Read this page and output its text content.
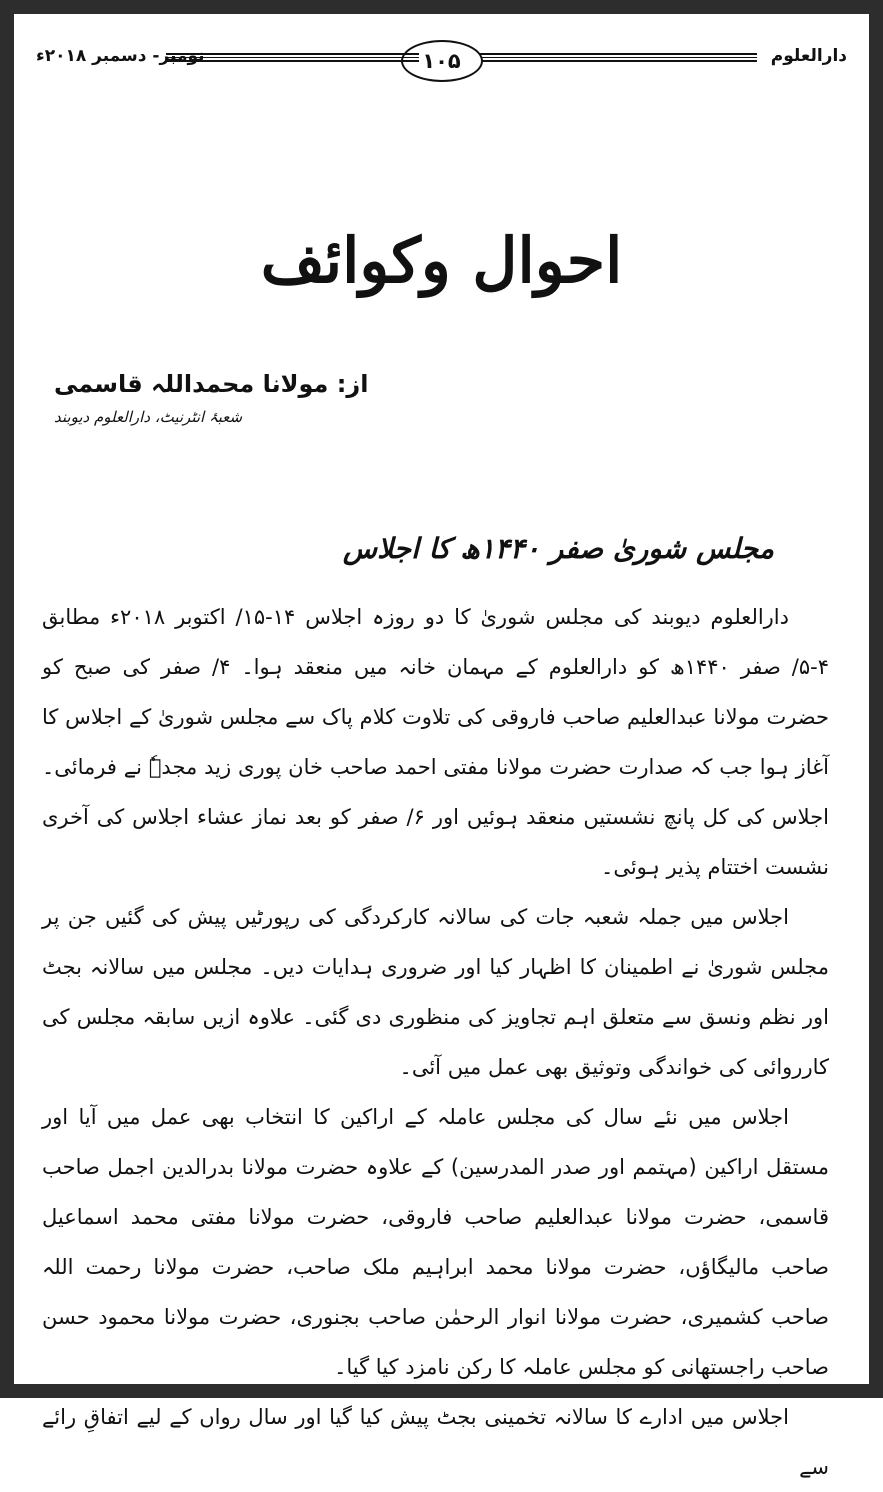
دارالعلوم
۱۰۵
نومبر- دسمبر ۲۰۱۸ء
احوال وکوائف
از: مولانا محمداللہ قاسمی
شعبۂ انٹرنیٹ، دارالعلوم دیوبند
مجلس شوریٰ صفر ۱۴۴۰ھ کا اجلاس

دارالعلوم دیوبند کی مجلس شوریٰ کا دو روزہ اجلاس ۱۴-۱۵/ اکتوبر ۲۰۱۸ء مطابق ۴-۵/ صفر ۱۴۴۰ھ کو دارالعلوم کے مہمان خانہ میں منعقد ہوا۔ ۴/ صفر کی صبح کو حضرت مولانا عبدالعلیم صاحب فاروقی کی تلاوت کلام پاک سے مجلس شوریٰ کے اجلاس کا آغاز ہوا جب کہ صدارت حضرت مولانا مفتی احمد صاحب خان پوری زید مجدہٗ نے فرمائی۔ اجلاس کی کل پانچ نشستیں منعقد ہوئیں اور ۶/ صفر کو بعد نماز عشاء اجلاس کی آخری نشست اختتام پذیر ہوئی۔

اجلاس میں جملہ شعبہ جات کی سالانہ کارکردگی کی رپورٹیں پیش کی گئیں جن پر مجلس شوریٰ نے اطمینان کا اظہار کیا اور ضروری ہدایات دیں۔ مجلس میں سالانہ بجٹ اور نظم ونسق سے متعلق اہم تجاویز کی منظوری دی گئی۔ علاوہ ازیں سابقہ مجلس کی کارروائی کی خواندگی وتوثیق بھی عمل میں آئی۔

اجلاس میں نئے سال کی مجلس عاملہ کے اراکین کا انتخاب بھی عمل میں آیا اور مستقل اراکین (مہتمم اور صدر المدرسین) کے علاوہ حضرت مولانا بدرالدین اجمل صاحب قاسمی، حضرت مولانا عبدالعلیم صاحب فاروقی، حضرت مولانا مفتی محمد اسماعیل صاحب مالیگاؤں، حضرت مولانا محمد ابراہیم ملک صاحب، حضرت مولانا رحمت اللہ صاحب کشمیری، حضرت مولانا انوار الرحمٰن صاحب بجنوری، حضرت مولانا محمود حسن صاحب راجستھانی کو مجلس عاملہ کا رکن نامزد کیا گیا۔

اجلاس میں ادارے کا سالانہ تخمینی بجٹ پیش کیا گیا اور سال رواں کے لیے اتفاقِ رائے سے
